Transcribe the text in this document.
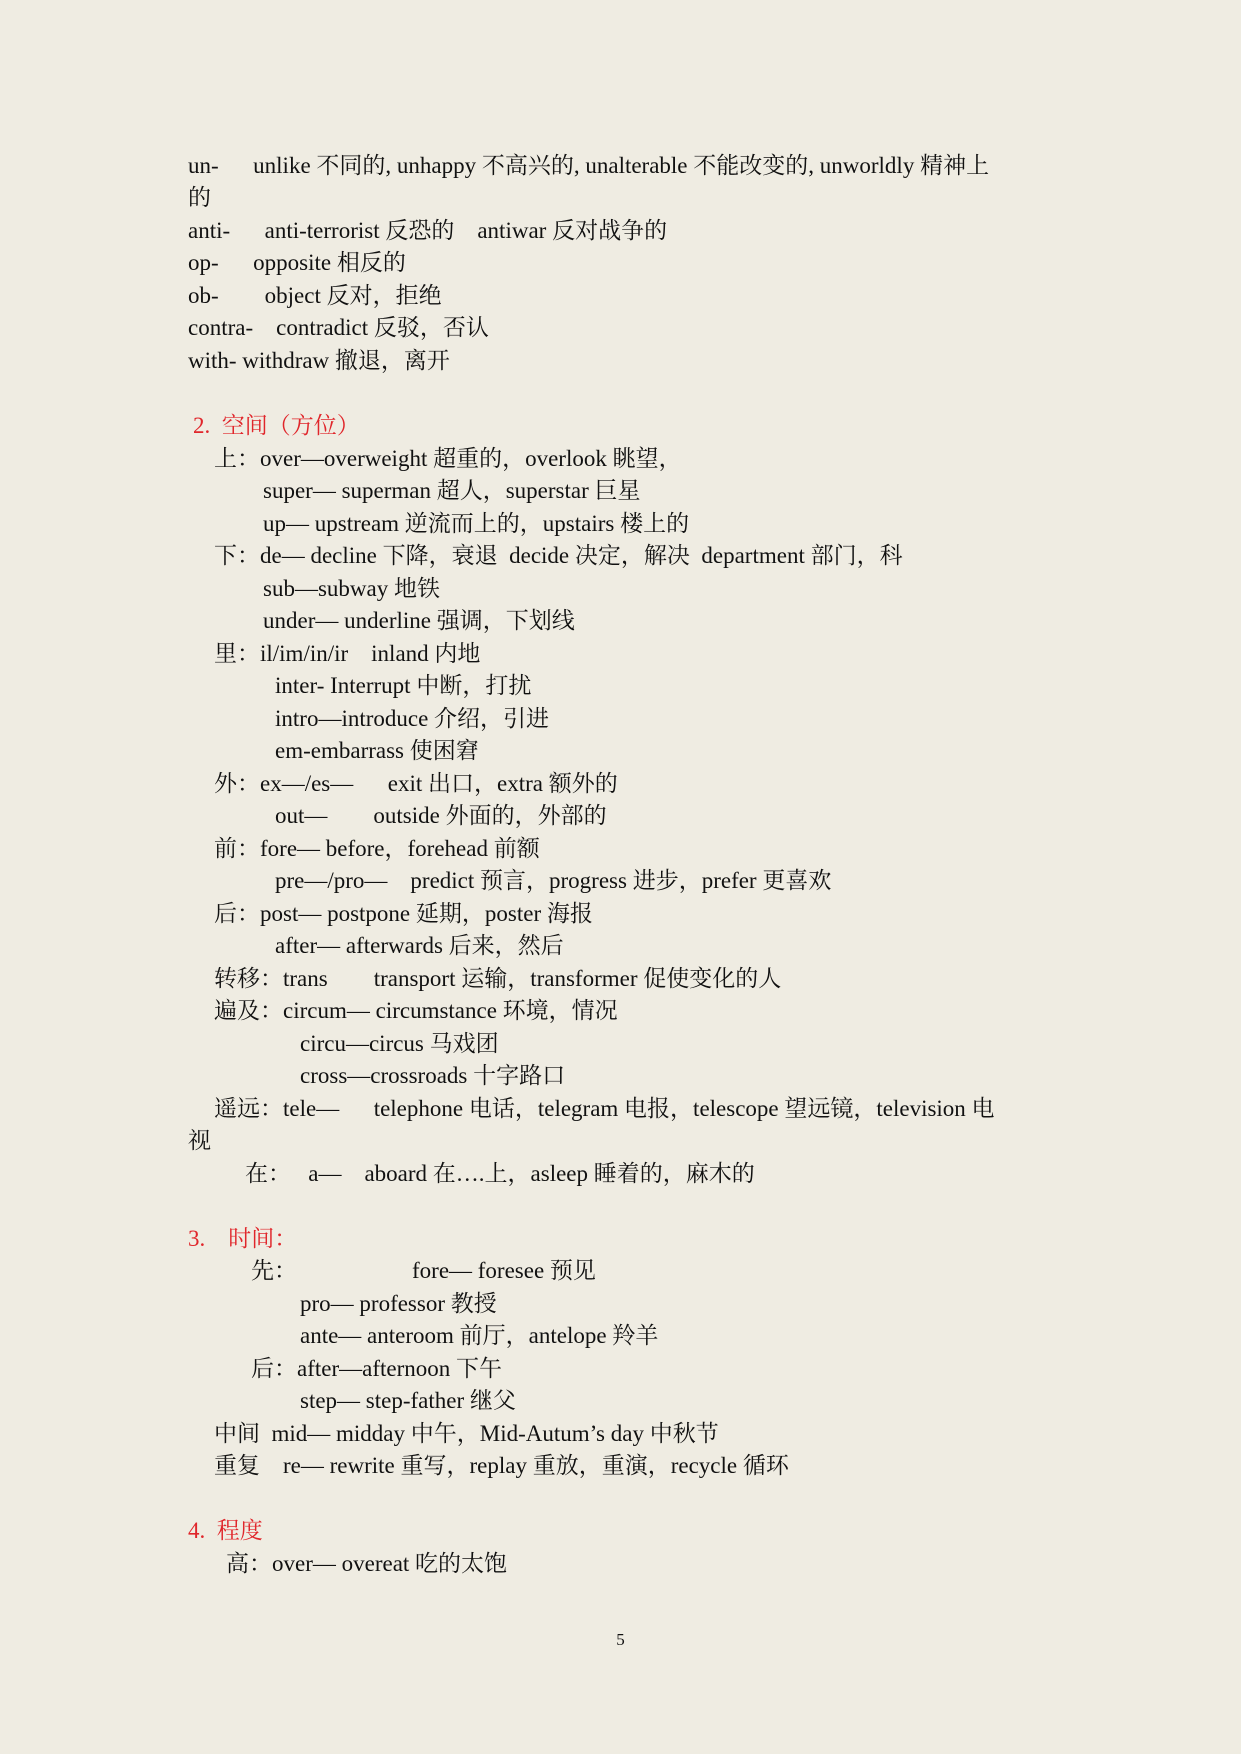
un-      unlike 不同的, unhappy 不高兴的, unalterable 不能改变的, unworldly 精神上
的
anti-      anti-terrorist 反恐的    antiwar 反对战争的
op-      opposite 相反的
ob-        object 反对，拒绝
contra-    contradict 反驳，否认
with- withdraw 撤退，离开
2.  空间（方位）
上：over—overweight 超重的，overlook 眺望，
super— superman 超人，superstar 巨星
up— upstream 逆流而上的，upstairs 楼上的
下：de— decline 下降，衰退  decide 决定，解决  department 部门，科
sub—subway 地铁
under— underline 强调，下划线
里：il/im/in/ir    inland 内地
inter- Interrupt 中断，打扰
intro—introduce 介绍，引进
em-embarrass 使困窘
外：ex—/es—      exit 出口，extra 额外的
out—        outside 外面的，外部的
前：fore— before，forehead 前额
pre—/pro—    predict 预言，progress 进步，prefer 更喜欢
后：post— postpone 延期，poster 海报
after— afterwards 后来，然后
转移：trans        transport 运输，transformer 促使变化的人
遍及：circum— circumstance 环境，情况
circu—circus 马戏团
cross—crossroads 十字路口
遥远：tele—      telephone 电话，telegram 电报，telescope 望远镜，television 电
视
在：   a—    aboard 在….上，asleep 睡着的，麻木的
3.    时间：
先：                    fore— foresee 预见
pro— professor 教授
ante— anteroom 前厅，antelope 羚羊
后：after—afternoon 下午
step— step-father 继父
中间  mid— midday 中午，Mid-Autum’s day 中秋节
重复    re— rewrite 重写，replay 重放，重演，recycle 循环
4.  程度
高：over— overeat 吃的太饱
5
